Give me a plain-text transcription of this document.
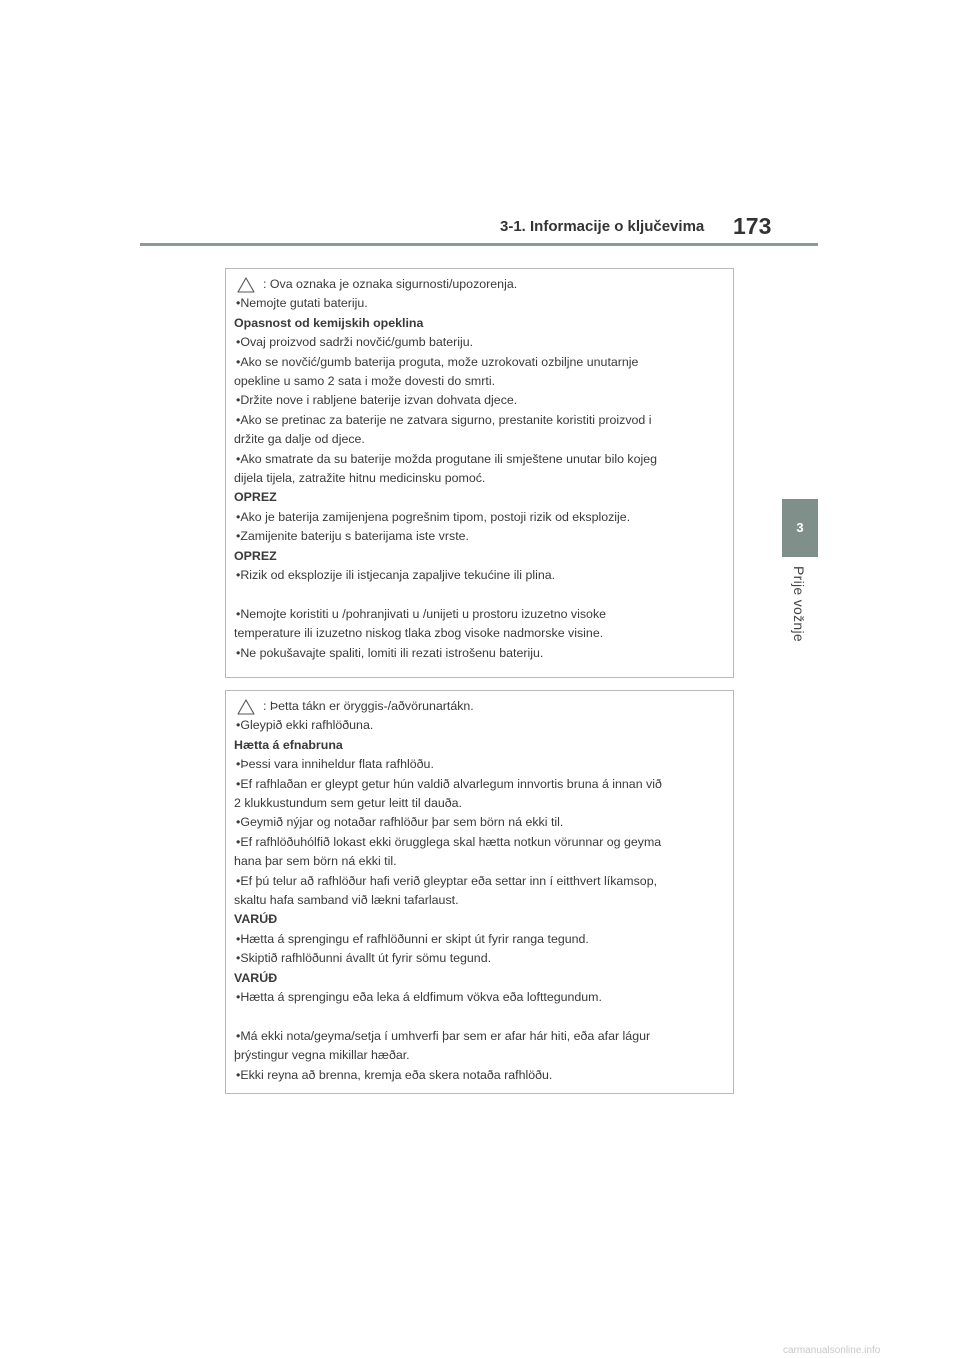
3-1. Informacije o ključevima 173
3
Prije vožnje
: Ova oznaka je oznaka sigurnosti/upozorenja.
•Nemojte gutati bateriju.
Opasnost od kemijskih opeklina
•Ovaj proizvod sadrži novčić/gumb bateriju.
•Ako se novčić/gumb baterija proguta, može uzrokovati ozbiljne unutarnje
opekline u samo 2 sata i može dovesti do smrti.
•Držite nove i rabljene baterije izvan dohvata djece.
•Ako se pretinac za baterije ne zatvara sigurno, prestanite koristiti proizvod i
držite ga dalje od djece.
•Ako smatrate da su baterije možda progutane ili smještene unutar bilo kojeg
dijela tijela, zatražite hitnu medicinsku pomoć.
OPREZ
•Ako je baterija zamijenjena pogrešnim tipom, postoji rizik od eksplozije.
•Zamijenite bateriju s baterijama iste vrste.
OPREZ
•Rizik od eksplozije ili istjecanja zapaljive tekućine ili plina.
•Nemojte koristiti u /pohranjivati u /unijeti u prostoru izuzetno visoke
temperature ili izuzetno niskog tlaka zbog visoke nadmorske visine.
•Ne pokušavajte spaliti, lomiti ili rezati istrošenu bateriju.
: Þetta tákn er öryggis-/aðvörunartákn.
•Gleypið ekki rafhlöðuna.
Hætta á efnabruna
•Þessi vara inniheldur flata rafhlöðu.
•Ef rafhlaðan er gleypt getur hún valdið alvarlegum innvortis bruna á innan við
2 klukkustundum sem getur leitt til dauða.
•Geymið nýjar og notaðar rafhlöður þar sem börn ná ekki til.
•Ef rafhlöðuhólfið lokast ekki örugglega skal hætta notkun vörunnar og geyma
hana þar sem börn ná ekki til.
•Ef þú telur að rafhlöður hafi verið gleyptar eða settar inn í eitthvert líkamsop,
skaltu hafa samband við lækni tafarlaust.
VARÚÐ
•Hætta á sprengingu ef rafhlöðunni er skipt út fyrir ranga tegund.
•Skiptið rafhlöðunni ávallt út fyrir sömu tegund.
VARÚÐ
•Hætta á sprengingu eða leka á eldfimum vökva eða lofttegundum.
•Má ekki nota/geyma/setja í umhverfi þar sem er afar hár hiti, eða afar lágur
þrýstingur vegna mikillar hæðar.
•Ekki reyna að brenna, kremja eða skera notaða rafhlöðu.
carmanualsonline.info
